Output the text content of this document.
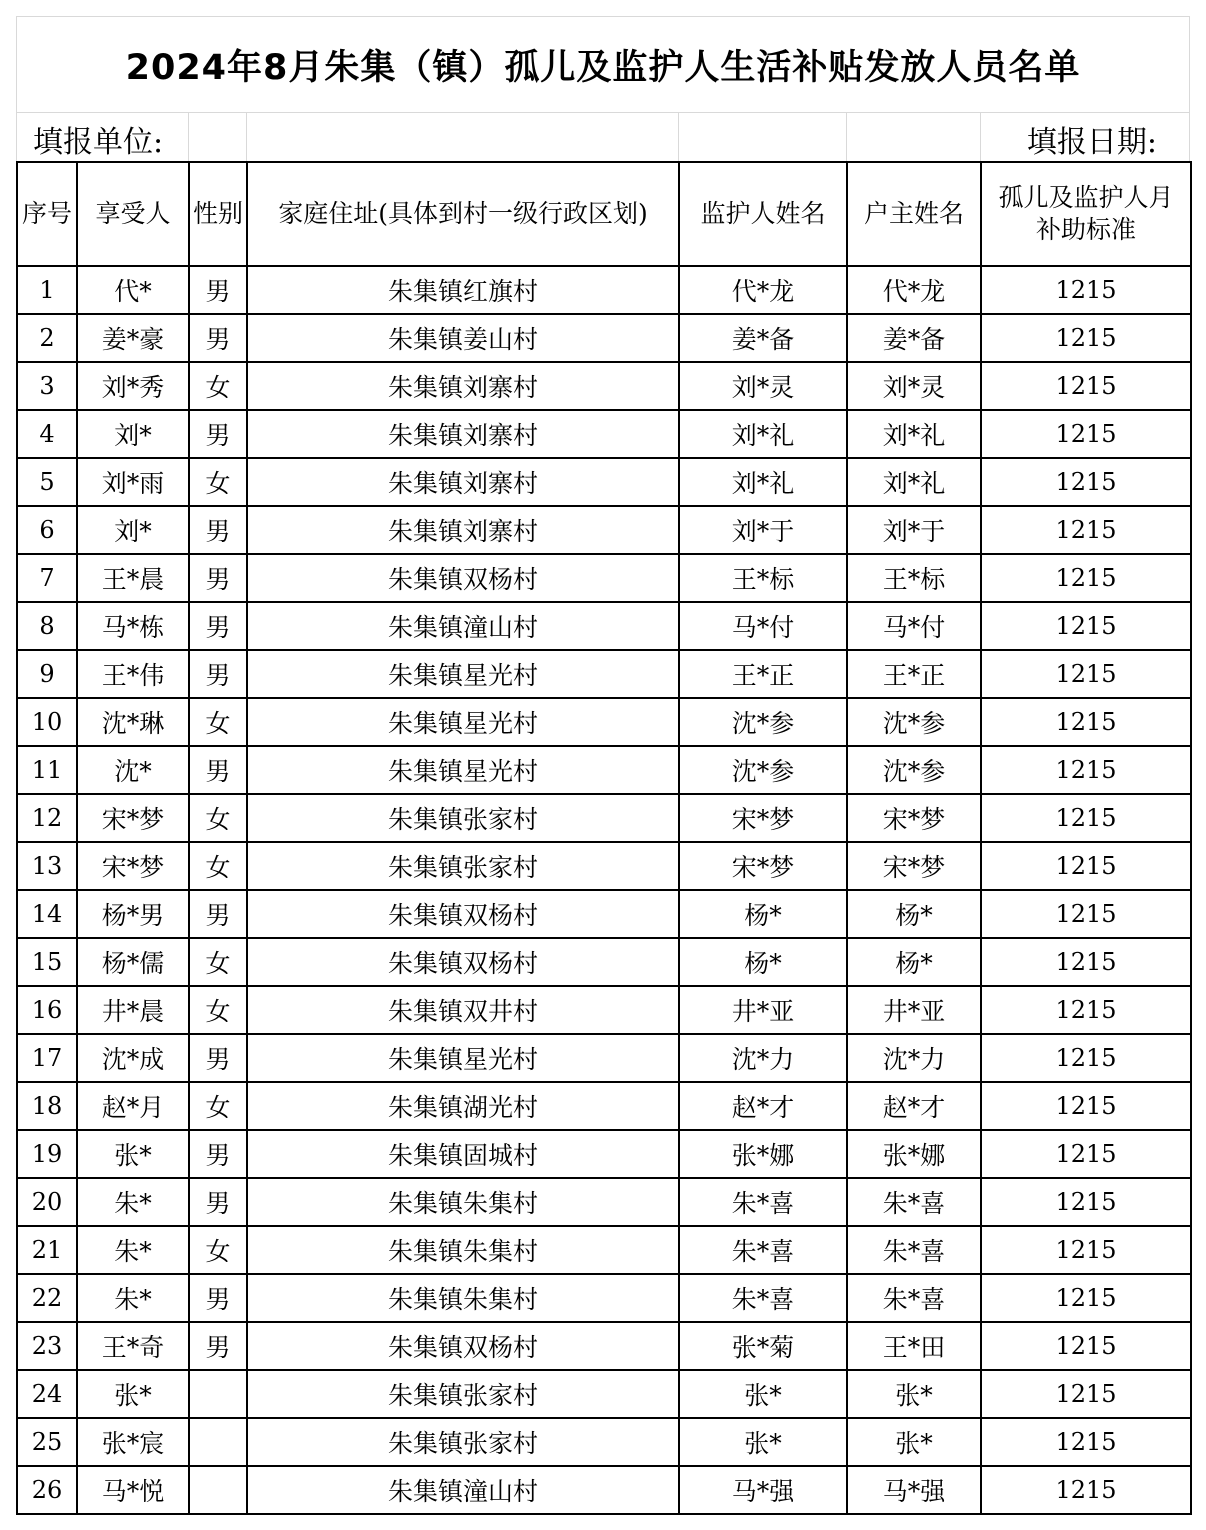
2024年8月朱集（镇）孤儿及监护人生活补贴发放人员名单
填报单位:	填报日期:
序号	享受人	性别	家庭住址(具体到村一级行政区划)	监护人姓名	户主姓名	孤儿及监护人月补助标准
1	代*	男	朱集镇红旗村	代*龙	代*龙	1215
2	姜*豪	男	朱集镇姜山村	姜*备	姜*备	1215
3	刘*秀	女	朱集镇刘寨村	刘*灵	刘*灵	1215
4	刘*	男	朱集镇刘寨村	刘*礼	刘*礼	1215
5	刘*雨	女	朱集镇刘寨村	刘*礼	刘*礼	1215
6	刘*	男	朱集镇刘寨村	刘*于	刘*于	1215
7	王*晨	男	朱集镇双杨村	王*标	王*标	1215
8	马*栋	男	朱集镇潼山村	马*付	马*付	1215
9	王*伟	男	朱集镇星光村	王*正	王*正	1215
10	沈*琳	女	朱集镇星光村	沈*参	沈*参	1215
11	沈*	男	朱集镇星光村	沈*参	沈*参	1215
12	宋*梦	女	朱集镇张家村	宋*梦	宋*梦	1215
13	宋*梦	女	朱集镇张家村	宋*梦	宋*梦	1215
14	杨*男	男	朱集镇双杨村	杨*	杨*	1215
15	杨*儒	女	朱集镇双杨村	杨*	杨*	1215
16	井*晨	女	朱集镇双井村	井*亚	井*亚	1215
17	沈*成	男	朱集镇星光村	沈*力	沈*力	1215
18	赵*月	女	朱集镇湖光村	赵*才	赵*才	1215
19	张*	男	朱集镇固城村	张*娜	张*娜	1215
20	朱*	男	朱集镇朱集村	朱*喜	朱*喜	1215
21	朱*	女	朱集镇朱集村	朱*喜	朱*喜	1215
22	朱*	男	朱集镇朱集村	朱*喜	朱*喜	1215
23	王*奇	男	朱集镇双杨村	张*菊	王*田	1215
24	张*		朱集镇张家村	张*	张*	1215
25	张*宸		朱集镇张家村	张*	张*	1215
26	马*悦		朱集镇潼山村	马*强	马*强	1215
